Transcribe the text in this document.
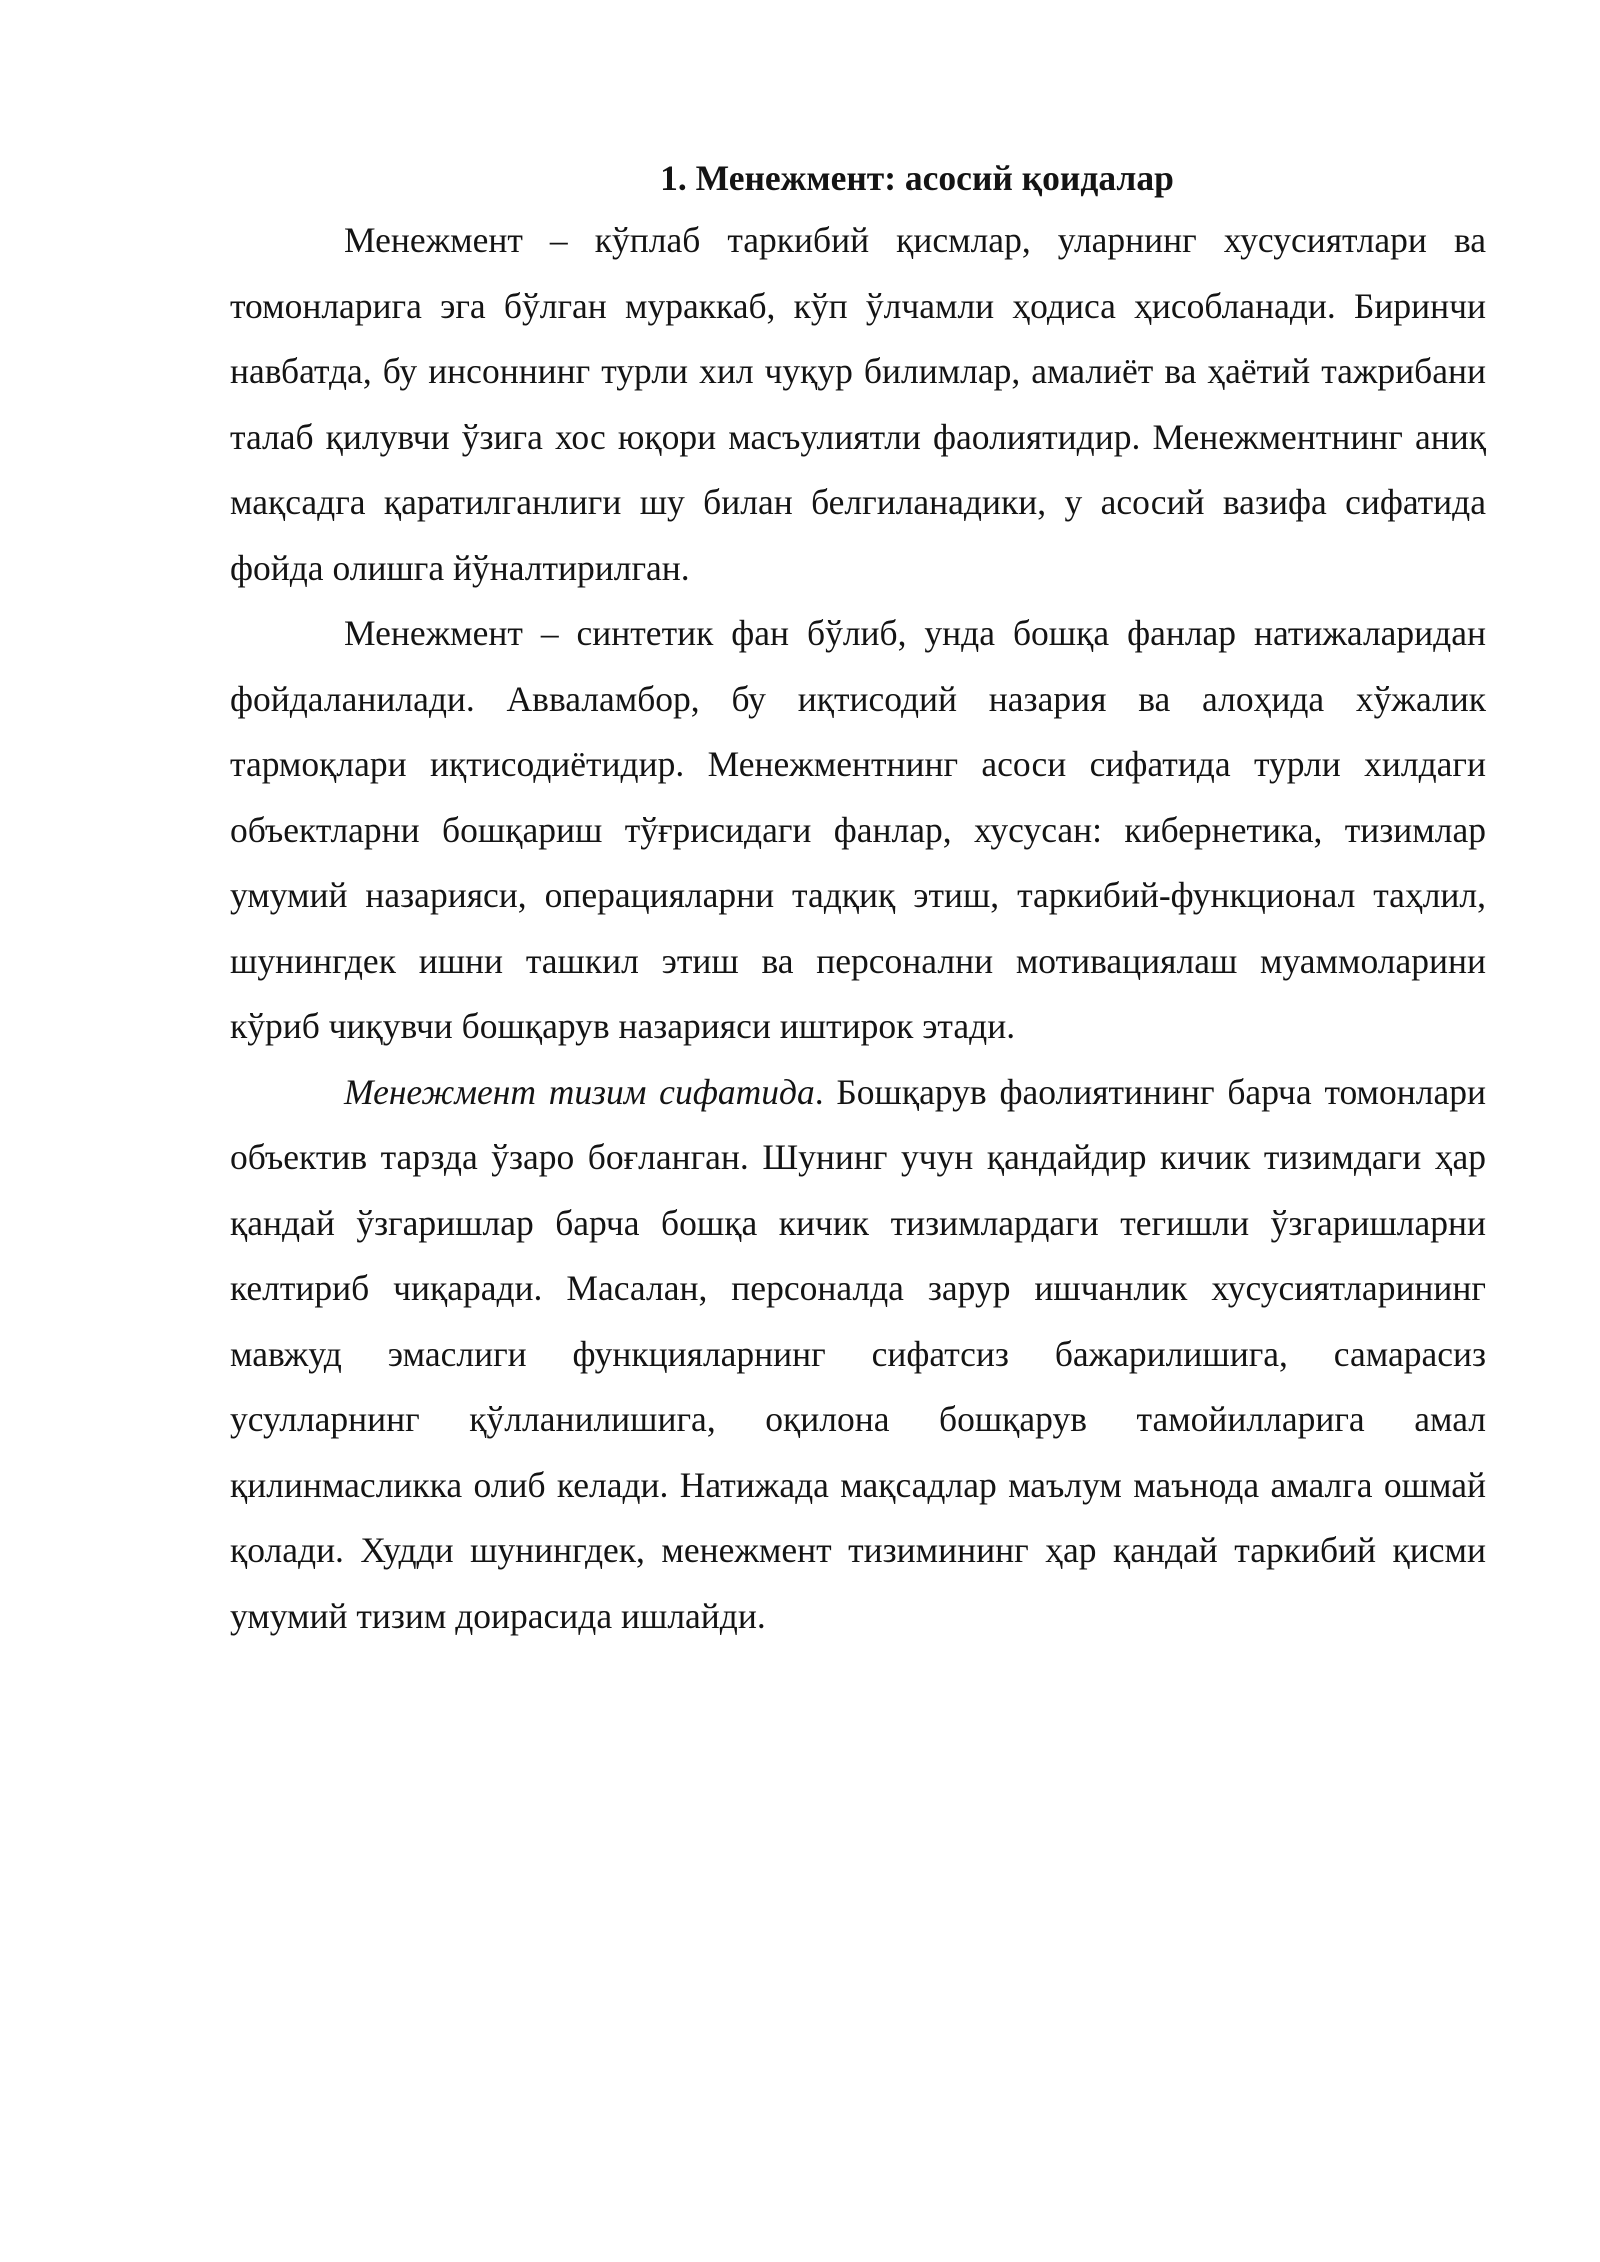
1. Менежмент: асосий қоидалар

Менежмент – кўплаб таркибий қисмлар, уларнинг хусусиятлари ва томонларига эга бўлган мураккаб, кўп ўлчамли ҳодиса ҳисобланади. Биринчи навбатда, бу инсоннинг турли хил чуқур билимлар, амалиёт ва ҳаётий тажрибани талаб қилувчи ўзига хос юқори масъулиятли фаолиятидир. Менежментнинг аниқ мақсадга қаратилганлиги шу билан белгиланадики, у асосий вазифа сифатида фойда олишга йўналтирилган.

Менежмент – синтетик фан бўлиб, унда бошқа фанлар натижаларидан фойдаланилади. Авваламбор, бу иқтисодий назария ва алоҳида хўжалик тармоқлари иқтисодиётидир. Менежментнинг асоси сифатида турли хилдаги объектларни бошқариш тўғрисидаги фанлар, хусусан: кибернетика, тизимлар умумий назарияси, операцияларни тадқиқ этиш, таркибий-функционал таҳлил, шунингдек ишни ташкил этиш ва персонални мотивациялаш муаммоларини кўриб чиқувчи бошқарув назарияси иштирок этади.

Менежмент тизим сифатида. Бошқарув фаолиятининг барча томонлари объектив тарзда ўзаро боғланган. Шунинг учун қандайдир кичик тизимдаги ҳар қандай ўзгаришлар барча бошқа кичик тизимлардаги тегишли ўзгаришларни келтириб чиқаради. Масалан, персоналда зарур ишчанлик хусусиятларининг мавжуд эмаслиги функцияларнинг сифатсиз бажарилишига, самарасиз усулларнинг қўлланилишига, оқилона бошқарув тамойилларига амал қилинмасликка олиб келади. Натижада мақсадлар маълум маънода амалга ошмай қолади. Худди шунингдек, менежмент тизимининг ҳар қандай таркибий қисми умумий тизим доирасида ишлайди.
